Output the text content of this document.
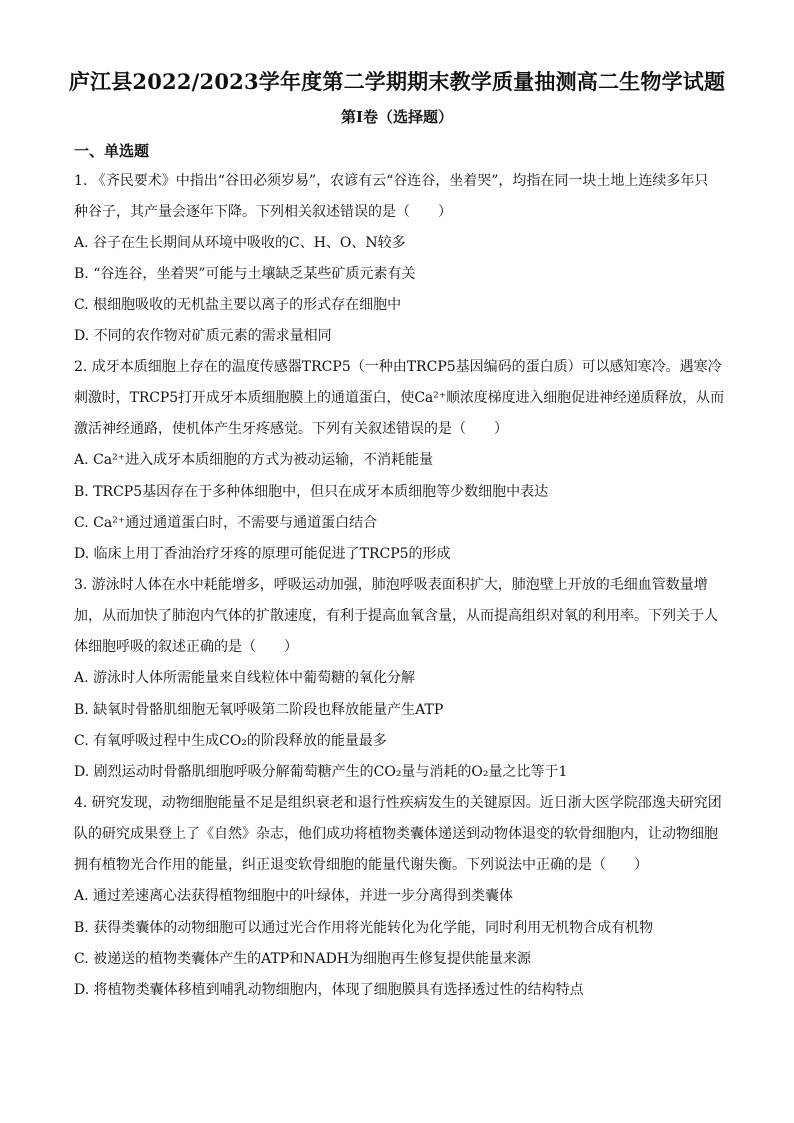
庐江县2022/2023学年度第二学期期末教学质量抽测高二生物学试题
第I卷（选择题）
一、单选题
1. 《齐民要术》中指出“谷田必须岁易”，农谚有云“谷连谷，坐着哭”，均指在同一块土地上连续多年只
种谷子，其产量会逐年下降。下列相关叙述错误的是（　　）
A. 谷子在生长期间从环境中吸收的C、H、O、N较多
B. “谷连谷，坐着哭”可能与土壤缺乏某些矿质元素有关
C. 根细胞吸收的无机盐主要以离子的形式存在细胞中
D. 不同的农作物对矿质元素的需求量相同
2. 成牙本质细胞上存在的温度传感器TRCP5（一种由TRCP5基因编码的蛋白质）可以感知寒冷。遇寒冷
刺激时，TRCP5打开成牙本质细胞膜上的通道蛋白，使Ca²⁺顺浓度梯度进入细胞促进神经递质释放，从而
激活神经通路，使机体产生牙疼感觉。下列有关叙述错误的是（　　）
A. Ca²⁺进入成牙本质细胞的方式为被动运输，不消耗能量
B. TRCP5基因存在于多种体细胞中，但只在成牙本质细胞等少数细胞中表达
C. Ca²⁺通过通道蛋白时，不需要与通道蛋白结合
D. 临床上用丁香油治疗牙疼的原理可能促进了TRCP5的形成
3. 游泳时人体在水中耗能增多，呼吸运动加强，肺泡呼吸表面积扩大，肺泡壁上开放的毛细血管数量增
加，从而加快了肺泡内气体的扩散速度，有利于提高血氧含量，从而提高组织对氧的利用率。下列关于人
体细胞呼吸的叙述正确的是（　　）
A. 游泳时人体所需能量来自线粒体中葡萄糖的氧化分解
B. 缺氧时骨骼肌细胞无氧呼吸第二阶段也释放能量产生ATP
C. 有氧呼吸过程中生成CO₂的阶段释放的能量最多
D. 剧烈运动时骨骼肌细胞呼吸分解葡萄糖产生的CO₂量与消耗的O₂量之比等于1
4. 研究发现，动物细胞能量不足是组织衰老和退行性疾病发生的关键原因。近日浙大医学院邵逸夫研究团
队的研究成果登上了《自然》杂志，他们成功将植物类囊体递送到动物体退变的软骨细胞内，让动物细胞
拥有植物光合作用的能量，纠正退变软骨细胞的能量代谢失衡。下列说法中正确的是（　　）
A. 通过差速离心法获得植物细胞中的叶绿体，并进一步分离得到类囊体
B. 获得类囊体的动物细胞可以通过光合作用将光能转化为化学能，同时利用无机物合成有机物
C. 被递送的植物类囊体产生的ATP和NADH为细胞再生修复提供能量来源
D. 将植物类囊体移植到哺乳动物细胞内，体现了细胞膜具有选择透过性的结构特点
